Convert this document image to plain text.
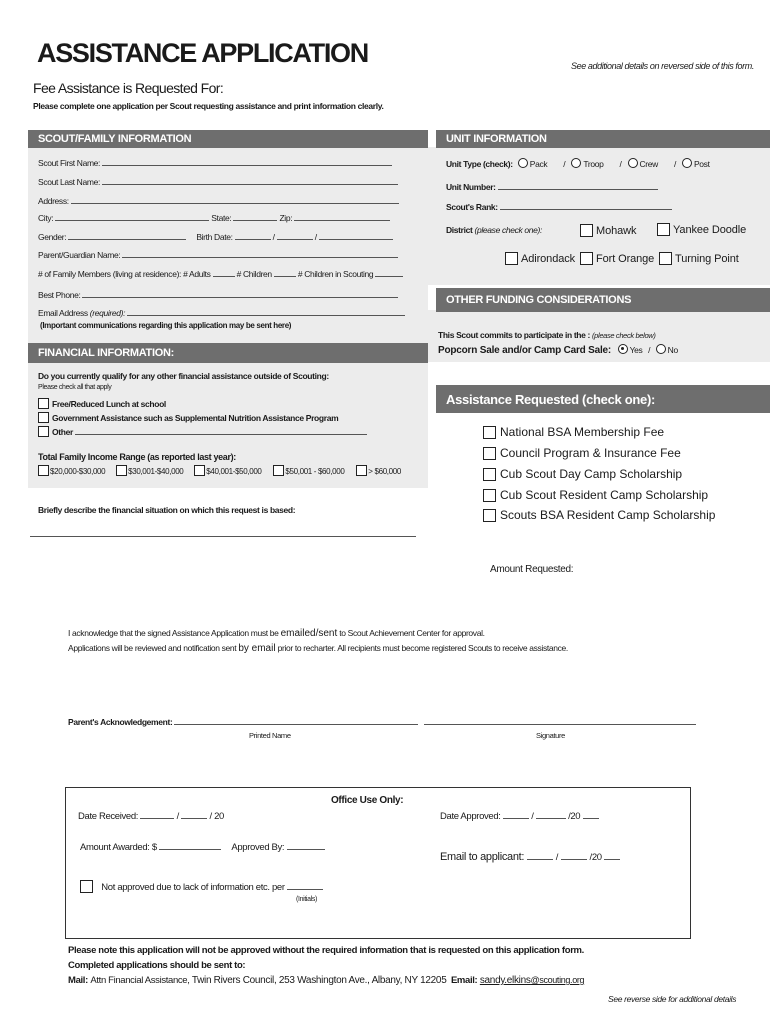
ASSISTANCE APPLICATION	See additional details on reversed side of this form.
Fee Assistance is Requested For:
Please complete one application per Scout requesting assistance and print information clearly.
SCOUT/FAMILY INFORMATION	UNIT INFORMATION
FINANCIAL INFORMATION:
OTHER FUNDING CONSIDERATIONS
Assistance Requested (check one):
Scout First Name:
Scout Last Name:
Address:
City:	State:	Zip:
Gender:	Birth Date:	/	/
Parent/Guardian Name:
# of Family Members (living at residence): # Adults	# Children	# Children in Scouting
Best Phone:
Email Address (required):
(Important communications regarding this application may be sent here)
Unit Type (check): Pack / Troop / Crew / Post
Unit Number:
Scout's Rank:
District (please check one):	Mohawk	Yankee Doodle
Adirondack	Fort Orange	Turning Point
This Scout commits to participate in the : (please check below)
Popcorn Sale and/or Camp Card Sale: Yes / No
Do you currently qualify for any other financial assistance outside of Scouting:
Please check all that apply
Free/Reduced Lunch at school
Government Assistance such as Supplemental Nutrition Assistance Program
Other
Total Family Income Range (as reported last year):
$20,000-$30,000	$30,001-$40,000	$40,001-$50,000	$50,001 - $60,000	> $60,000
Briefly describe the financial situation on which this request is based:
National BSA Membership Fee
Council Program & Insurance Fee
Cub Scout Day Camp Scholarship
Cub Scout Resident Camp Scholarship
Scouts BSA Resident Camp Scholarship
Amount Requested:
I acknowledge that the signed Assistance Application must be emailed/sent to Scout Achievement Center for approval.
Applications will be reviewed and notification sent by email prior to recharter. All recipients must become registered Scouts to receive assistance.
Parent's Acknowledgement:
Printed Name	Signature
Office Use Only:
Date Received:	/	/ 20	Date Approved:	/	/20
Amount Awarded: $	Approved By:
Email to applicant:	/	/20
Not approved due to lack of information etc. per
(Initials)
Please note this application will not be approved without the required information that is requested on this application form.
Completed applications should be sent to:
Mail: Attn Financial Assistance, Twin Rivers Council, 253 Washington Ave., Albany, NY 12205 Email: sandy.elkins@scouting.org
See reverse side for additional details
